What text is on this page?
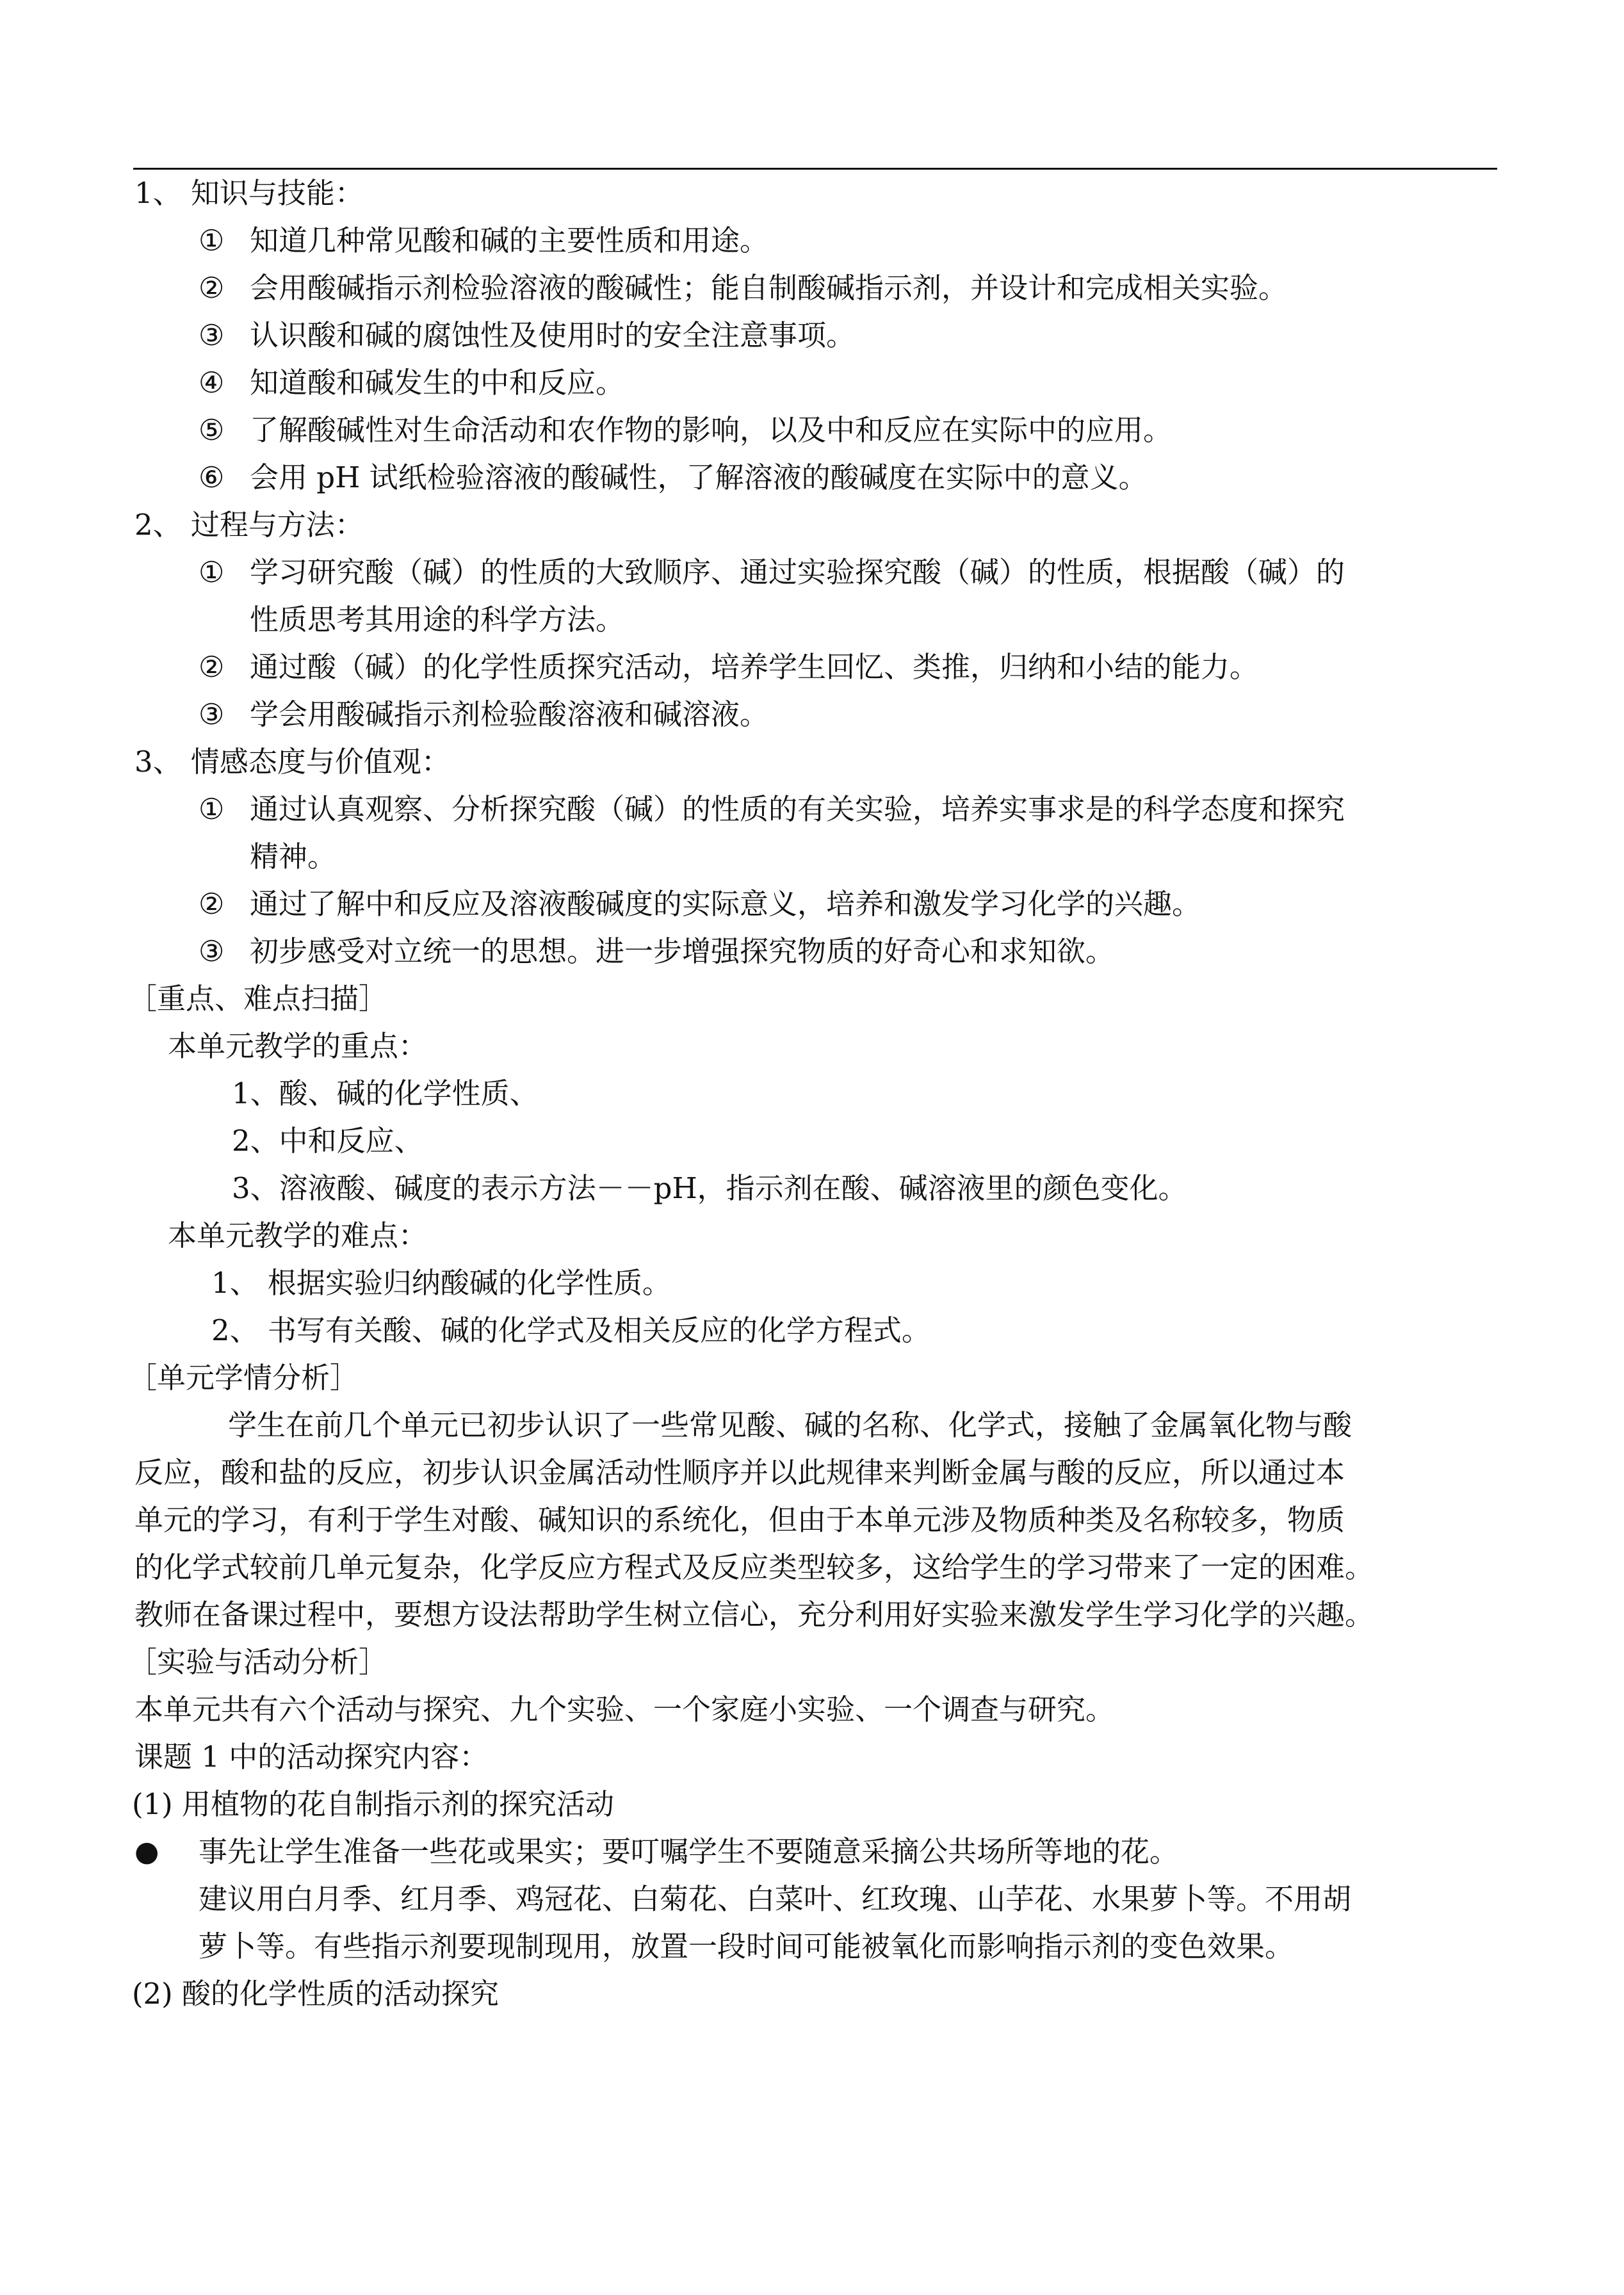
1、 知识与技能：
① 知道几种常见酸和碱的主要性质和用途。
② 会用酸碱指示剂检验溶液的酸碱性；能自制酸碱指示剂，并设计和完成相关实验。
③ 认识酸和碱的腐蚀性及使用时的安全注意事项。
④ 知道酸和碱发生的中和反应。
⑤ 了解酸碱性对生命活动和农作物的影响，以及中和反应在实际中的应用。
⑥ 会用 pH 试纸检验溶液的酸碱性，了解溶液的酸碱度在实际中的意义。
2、 过程与方法：
① 学习研究酸（碱）的性质的大致顺序、通过实验探究酸（碱）的性质，根据酸（碱）的
性质思考其用途的科学方法。
② 通过酸（碱）的化学性质探究活动，培养学生回忆、类推，归纳和小结的能力。
③ 学会用酸碱指示剂检验酸溶液和碱溶液。
3、 情感态度与价值观：
① 通过认真观察、分析探究酸（碱）的性质的有关实验，培养实事求是的科学态度和探究
精神。
② 通过了解中和反应及溶液酸碱度的实际意义，培养和激发学习化学的兴趣。
③ 初步感受对立统一的思想。进一步增强探究物质的好奇心和求知欲。
［重点、难点扫描］
本单元教学的重点：
1、酸、碱的化学性质、
2、中和反应、
3、溶液酸、碱度的表示方法－－pH，指示剂在酸、碱溶液里的颜色变化。
本单元教学的难点：
1、 根据实验归纳酸碱的化学性质。
2、 书写有关酸、碱的化学式及相关反应的化学方程式。
［单元学情分析］
学生在前几个单元已初步认识了一些常见酸、碱的名称、化学式，接触了金属氧化物与酸
反应，酸和盐的反应，初步认识金属活动性顺序并以此规律来判断金属与酸的反应，所以通过本
单元的学习，有利于学生对酸、碱知识的系统化，但由于本单元涉及物质种类及名称较多，物质
的化学式较前几单元复杂，化学反应方程式及反应类型较多，这给学生的学习带来了一定的困难。
教师在备课过程中，要想方设法帮助学生树立信心，充分利用好实验来激发学生学习化学的兴趣。
［实验与活动分析］
本单元共有六个活动与探究、九个实验、一个家庭小实验、一个调查与研究。
课题 1 中的活动探究内容：
(1) 用植物的花自制指示剂的探究活动
● 事先让学生准备一些花或果实；要叮嘱学生不要随意采摘公共场所等地的花。
建议用白月季、红月季、鸡冠花、白菊花、白菜叶、红玫瑰、山芋花、水果萝卜等。不用胡
萝卜等。有些指示剂要现制现用，放置一段时间可能被氧化而影响指示剂的变色效果。
(2) 酸的化学性质的活动探究
